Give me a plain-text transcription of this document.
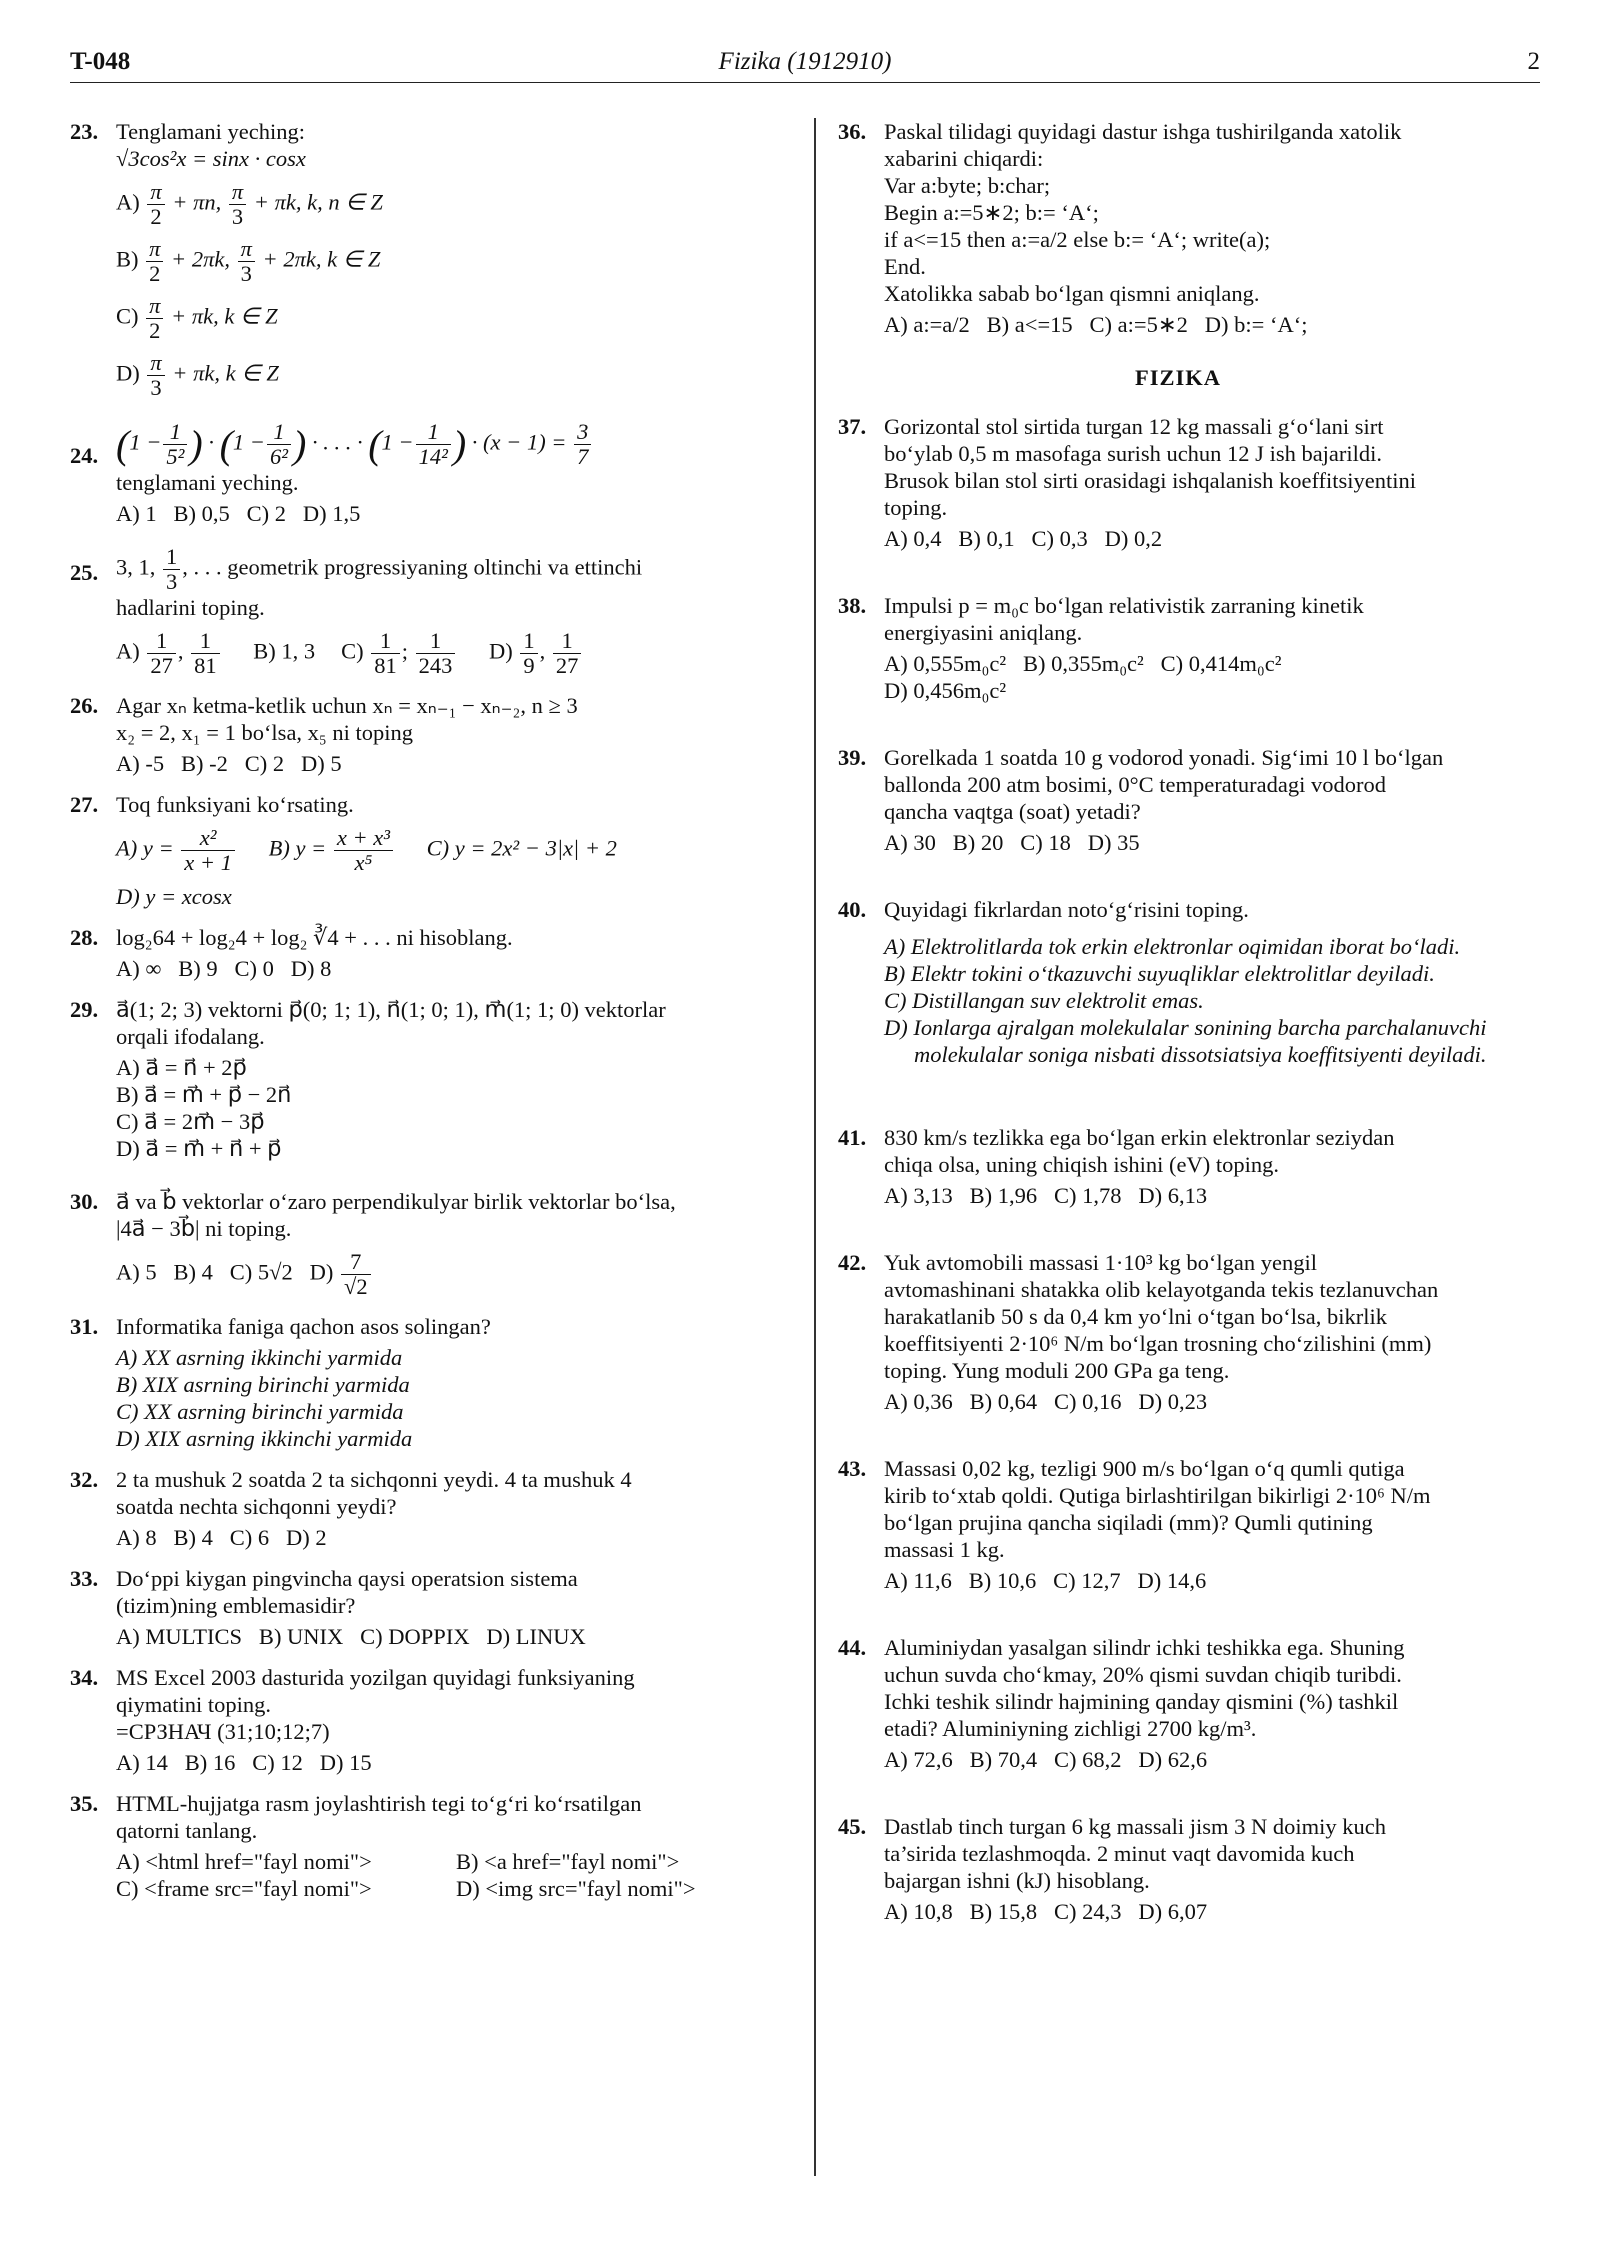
T-048	Fizika (1912910)	2
23. Tenglamani yeching:
√3cos²x = sinx · cosx
$A) \frac{\pi}{2} + \pi n$, $\frac{\pi}{3} + \pi k$, k, n ∈ Z
$B) \frac{\pi}{2} + 2\pi k$, $\frac{\pi}{3} + 2\pi k$, k ∈ Z
$C) \frac{\pi}{2} + \pi k$, k ∈ Z
$D) \frac{\pi}{3} + \pi k$, k ∈ Z
24. ($1 - \frac{1}{\text{5²}}$ ) · ($1 - \frac{1}{\text{6²}}$ ) · . . . · ($1 - \frac{1}{\text{14²}}$ ) · $(x - 1) = \frac{3}{7}$
tenglamani yeching.
A) 1   B) 0,5   C) 2   D) 1,5
25. 3, 1, $\frac{1}{3}$ , . . . geometrik progressiyaning oltinchi va ettinchi
hadlarini toping.
$A) \frac{1}{27}$ , $\frac{1}{81} B$) 1, 3 $C) \frac{1}{81}$ ; $\frac{1}{243} D) \frac{1}{9}$ , $\frac{1}{27}$
26. Agar xₙ ketma-ketlik uchun xₙ = xₙ₋₁ − xₙ₋₂, n ≥ 3
x₂ = 2, x₁ = 1 bo‘lsa, x₅ ni toping
A) -5   B) -2   C) 2   D) 5
27. Toq funksiyani ko‘rsating.
A) $y = \frac{\text{x²}}{x + 1} B$) $y = \frac{\text{x + x³}}{\text{x⁵}} C$) y = 2x² − 3|x| + 2
D) y = xcosx
28. log₂64 + log₂4 + log₂ ∛4 + . . . ni hisoblang.
A) ∞   B) 9   C) 0   D) 8
29. a⃗(1; 2; 3) vektorni p⃗(0; 1; 1), n⃗(1; 0; 1), m⃗(1; 1; 0) vektorlar
orqali ifodalang.
A) a⃗ = n⃗ + 2p⃗
B) a⃗ = m⃗ + p⃗ − 2n⃗
C) a⃗ = 2m⃗ − 3p⃗
D) a⃗ = m⃗ + n⃗ + p⃗
30. a⃗ va b⃗ vektorlar o‘zaro perpendikulyar birlik vektorlar bo‘lsa,
|4a⃗ − 3b⃗| ni toping.
A) 5   B) 4   C) 5√2   $D) \frac{7}{√2}$
31. Informatika faniga qachon asos solingan?
A) XX asrning ikkinchi yarmida
B) XIX asrning birinchi yarmida
C) XX asrning birinchi yarmida
D) XIX asrning ikkinchi yarmida
32. 2 ta mushuk 2 soatda 2 ta sichqonni yeydi. 4 ta mushuk 4
soatda nechta sichqonni yeydi?
A) 8   B) 4   C) 6   D) 2
33. Do‘ppi kiygan pingvincha qaysi operatsion sistema
(tizim)ning emblemasidir?
A) MULTICS   B) UNIX   C) DOPPIX   D) LINUX
34. MS Excel 2003 dasturida yozilgan quyidagi funksiyaning
qiymatini toping.
=СРЗНАЧ (31;10;12;7)
A) 14   B) 16   C) 12   D) 15
35. HTML-hujjatga rasm joylashtirish tegi to‘g‘ri ko‘rsatilgan
qatorni tanlang.
A) <html href="fayl nomi">	B) <a href="fayl nomi">
C) <frame src="fayl nomi">	D) <img src="fayl nomi">
36. Paskal tilidagi quyidagi dastur ishga tushirilganda xatolik
xabarini chiqardi:
Var a:byte; b:char;
Begin a:=5∗2; b:= ‘A‘;
if a<=15 then a:=a/2 else b:= ‘A‘; write(a);
End.
Xatolikka sabab bo‘lgan qismni aniqlang.
A) a:=a/2   B) a<=15   C) a:=5∗2   D) b:= ‘A‘;
FIZIKA
37. Gorizontal stol sirtida turgan 12 kg massali g‘o‘lani sirt
bo‘ylab 0,5 m masofaga surish uchun 12 J ish bajarildi.
Brusok bilan stol sirti orasidagi ishqalanish koeffitsiyentini
toping.
A) 0,4   B) 0,1   C) 0,3   D) 0,2
38. Impulsi p = m₀c bo‘lgan relativistik zarraning kinetik
energiyasini aniqlang.
A) 0,555m₀c²   B) 0,355m₀c²   C) 0,414m₀c²
D) 0,456m₀c²
39. Gorelkada 1 soatda 10 g vodorod yonadi. Sig‘imi 10 l bo‘lgan
ballonda 200 atm bosimi, 0°C temperaturadagi vodorod
qancha vaqtga (soat) yetadi?
A) 30   B) 20   C) 18   D) 35
40. Quyidagi fikrlardan noto‘g‘risini toping.
A) Elektrolitlarda tok erkin elektronlar oqimidan iborat bo‘ladi.
B) Elektr tokini o‘tkazuvchi suyuqliklar elektrolitlar deyiladi.
C) Distillangan suv elektrolit emas.
D) Ionlarga ajralgan molekulalar sonining barcha parchalanuvchi molekulalar soniga nisbati dissotsiatsiya koeffitsiyenti deyiladi.
41. 830 km/s tezlikka ega bo‘lgan erkin elektronlar seziydan
chiqa olsa, uning chiqish ishini (eV) toping.
A) 3,13   B) 1,96   C) 1,78   D) 6,13
42. Yuk avtomobili massasi 1·10³ kg bo‘lgan yengil
avtomashinani shatakka olib kelayotganda tekis tezlanuvchan
harakatlanib 50 s da 0,4 km yo‘lni o‘tgan bo‘lsa, bikrlik
koeffitsiyenti 2·10⁶ N/m bo‘lgan trosning cho‘zilishini (mm)
toping. Yung moduli 200 GPa ga teng.
A) 0,36   B) 0,64   C) 0,16   D) 0,23
43. Massasi 0,02 kg, tezligi 900 m/s bo‘lgan o‘q qumli qutiga
kirib to‘xtab qoldi. Qutiga birlashtirilgan bikirligi 2·10⁶ N/m
bo‘lgan prujina qancha siqiladi (mm)? Qumli qutining
massasi 1 kg.
A) 11,6   B) 10,6   C) 12,7   D) 14,6
44. Aluminiydan yasalgan silindr ichki teshikka ega. Shuning
uchun suvda cho‘kmay, 20% qismi suvdan chiqib turibdi.
Ichki teshik silindr hajmining qanday qismini (%) tashkil
etadi? Aluminiyning zichligi 2700 kg/m³.
A) 72,6   B) 70,4   C) 68,2   D) 62,6
45. Dastlab tinch turgan 6 kg massali jism 3 N doimiy kuch
ta’sirida tezlashmoqda. 2 minut vaqt davomida kuch
bajargan ishni (kJ) hisoblang.
A) 10,8   B) 15,8   C) 24,3   D) 6,07
